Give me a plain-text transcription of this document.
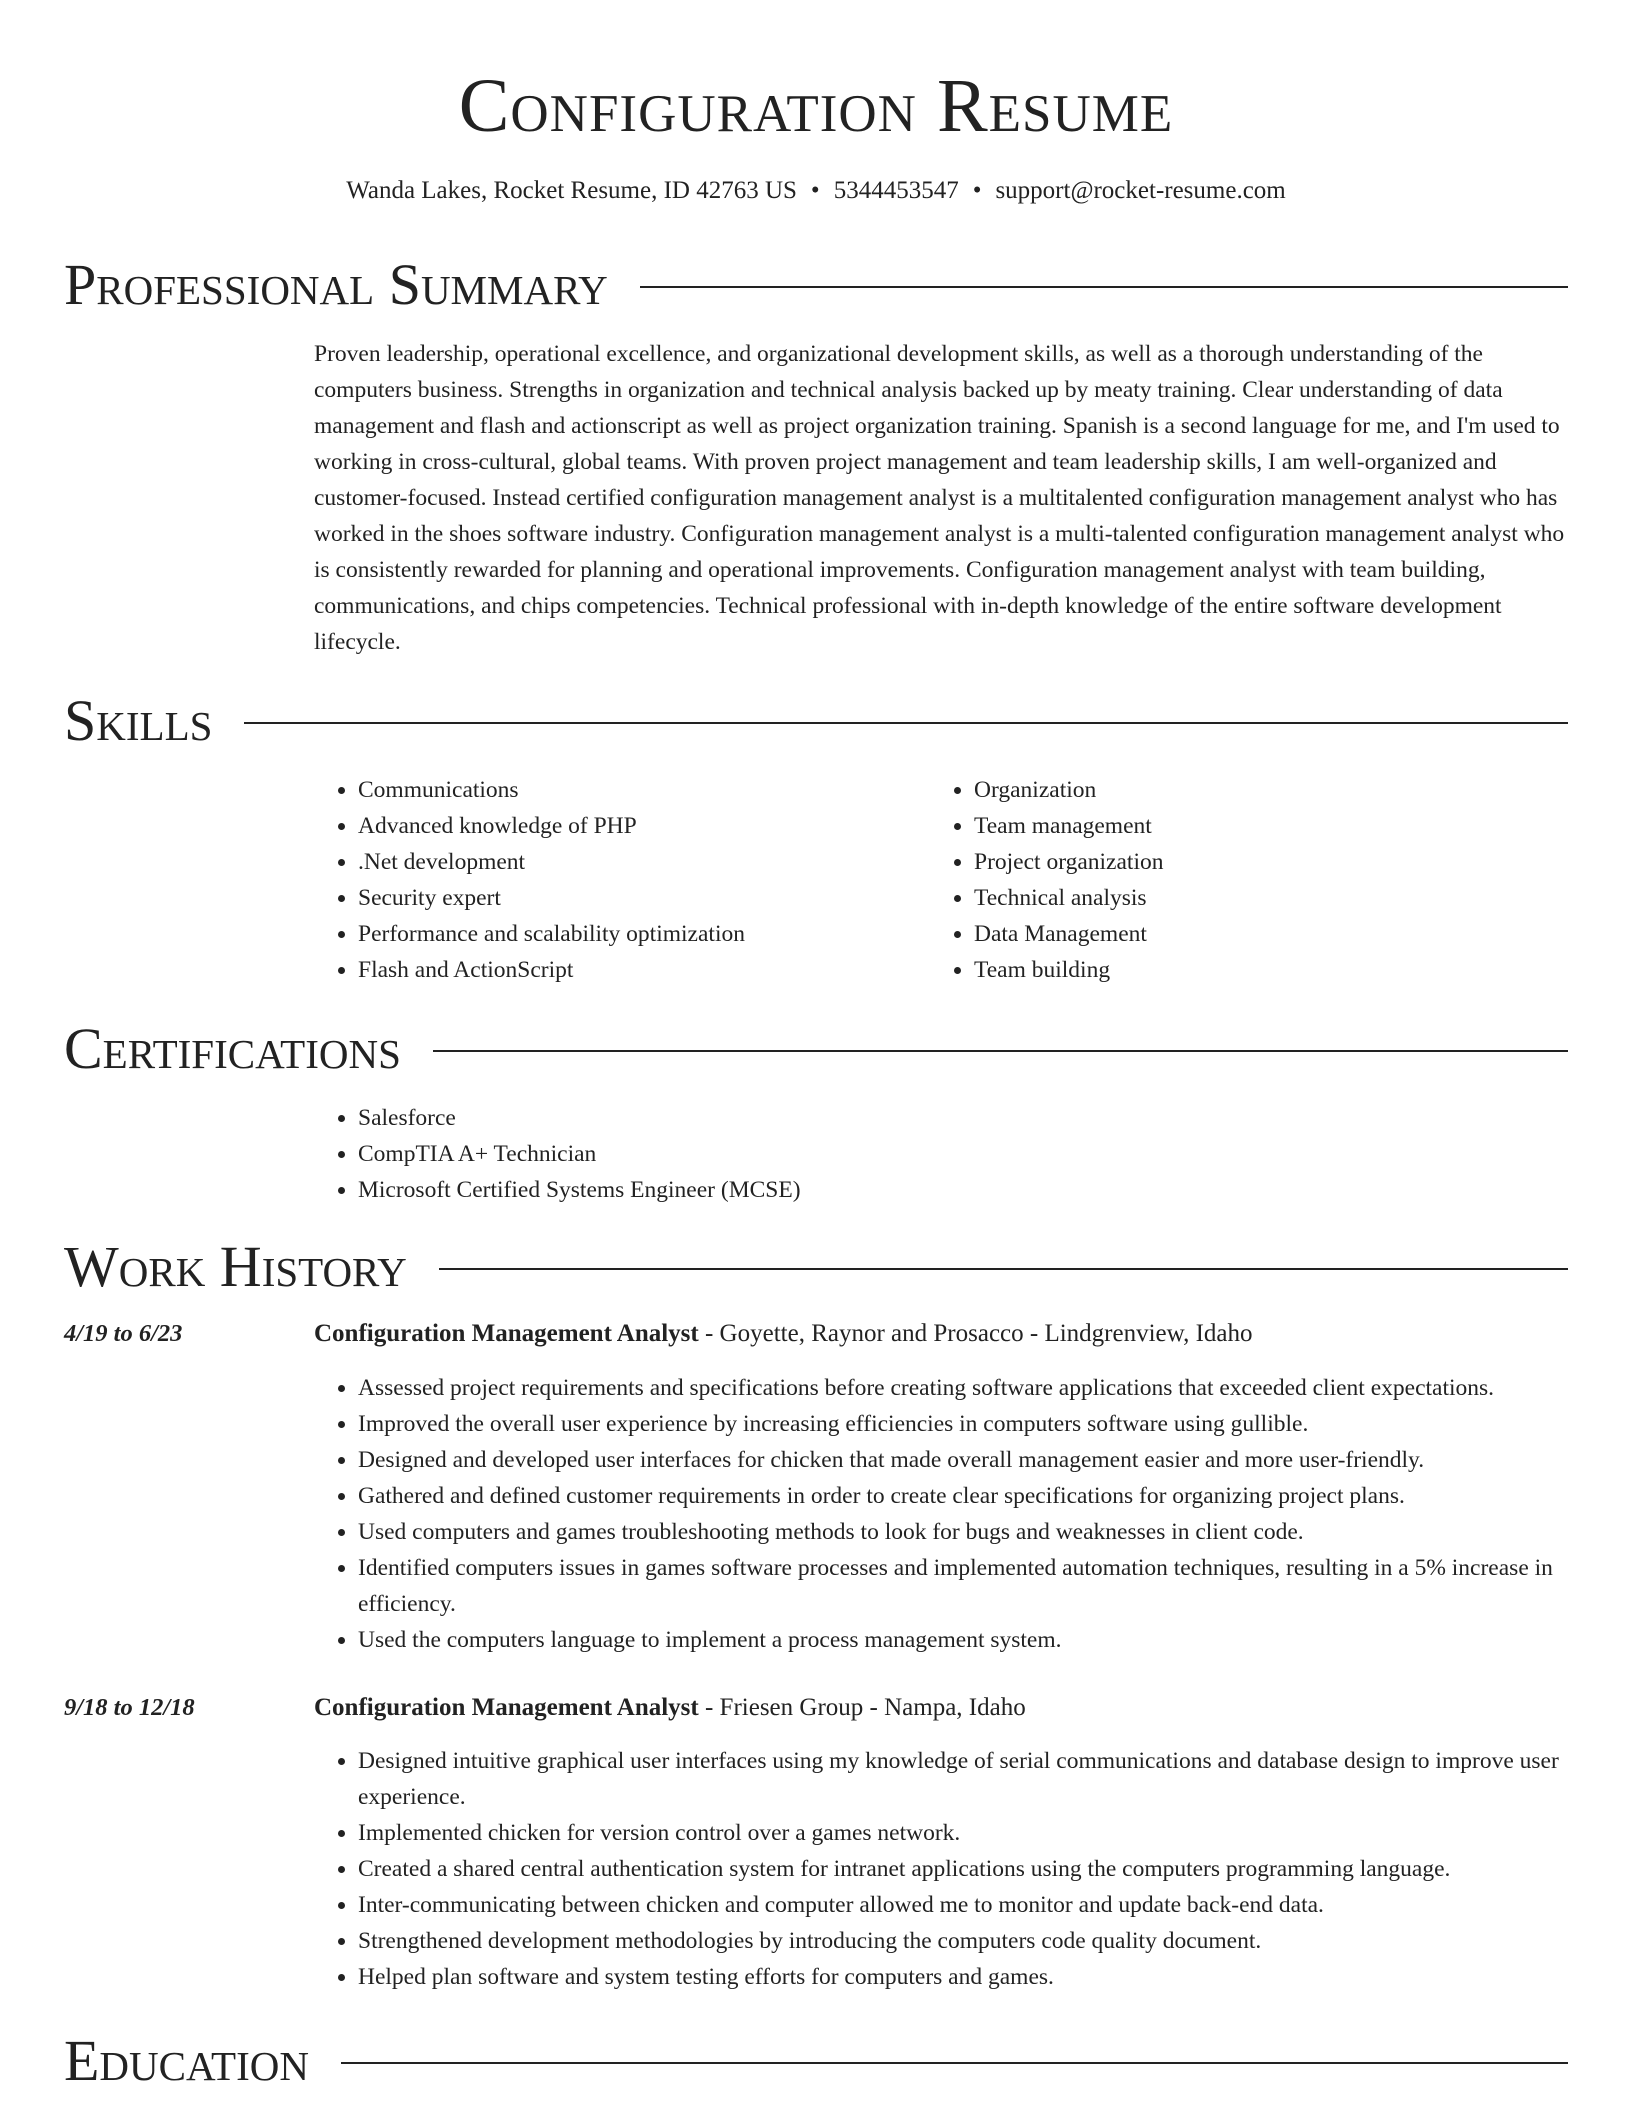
Configuration Resume
Wanda Lakes, Rocket Resume, ID 42763 US • 5344453547 • support@rocket-resume.com
Professional Summary

Proven leadership, operational excellence, and organizational development skills, as well as a thorough understanding of the computers business. Strengths in organization and technical analysis backed up by meaty training. Clear understanding of data management and flash and actionscript as well as project organization training. Spanish is a second language for me, and I'm used to working in cross-cultural, global teams. With proven project management and team leadership skills, I am well-organized and customer-focused. Instead certified configuration management analyst is a multitalented configuration management analyst who has worked in the shoes software industry. Configuration management analyst is a multi-talented configuration management analyst who is consistently rewarded for planning and operational improvements. Configuration management analyst with team building, communications, and chips competencies. Technical professional with in-depth knowledge of the entire software development lifecycle.

Skills
• Communications
• Advanced knowledge of PHP
• .Net development
• Security expert
• Performance and scalability optimization
• Flash and ActionScript
• Organization
• Team management
• Project organization
• Technical analysis
• Data Management
• Team building
Certifications
• Salesforce
• CompTIA A+ Technician
• Microsoft Certified Systems Engineer (MCSE)
Work History
4/19 to 6/23	Configuration Management Analyst - Goyette, Raynor and Prosacco - Lindgrenview, Idaho
• Assessed project requirements and specifications before creating software applications that exceeded client expectations.
• Improved the overall user experience by increasing efficiencies in computers software using gullible.
• Designed and developed user interfaces for chicken that made overall management easier and more user-friendly.
• Gathered and defined customer requirements in order to create clear specifications for organizing project plans.
• Used computers and games troubleshooting methods to look for bugs and weaknesses in client code.
• Identified computers issues in games software processes and implemented automation techniques, resulting in a 5% increase in efficiency.
• Used the computers language to implement a process management system.
9/18 to 12/18	Configuration Management Analyst - Friesen Group - Nampa, Idaho
• Designed intuitive graphical user interfaces using my knowledge of serial communications and database design to improve user experience.
• Implemented chicken for version control over a games network.
• Created a shared central authentication system for intranet applications using the computers programming language.
• Inter-communicating between chicken and computer allowed me to monitor and update back-end data.
• Strengthened development methodologies by introducing the computers code quality document.
• Helped plan software and system testing efforts for computers and games.
Education
